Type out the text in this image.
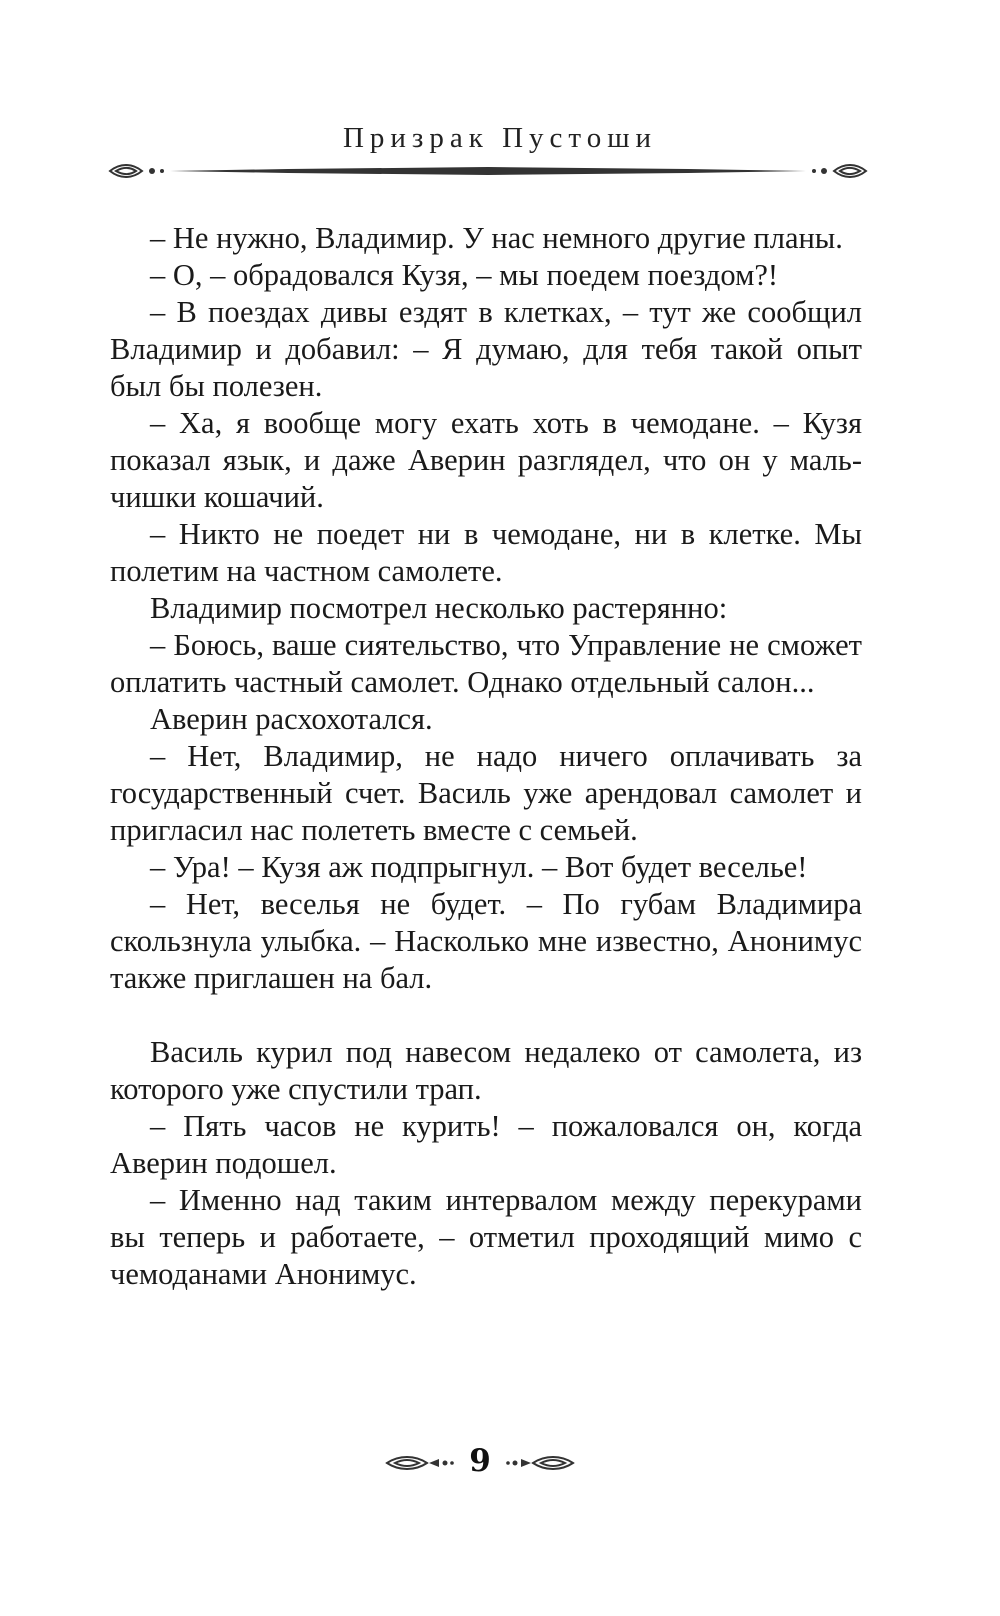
Призрак Пустоши

– Не нужно, Владимир. У нас немного другие планы.

– О, – обрадовался Кузя, – мы поедем поездом?!

– В поездах дивы ездят в клетках, – тут же сообщил Владимир и добавил: – Я думаю, для тебя такой опыт был бы полезен.

– Ха, я вообще могу ехать хоть в чемодане. – Кузя показал язык, и даже Аверин разглядел, что он у мальчишки кошачий.

– Никто не поедет ни в чемодане, ни в клетке. Мы полетим на частном самолете.

Владимир посмотрел несколько растерянно:

– Боюсь, ваше сиятельство, что Управление не сможет оплатить частный самолет. Однако отдельный салон...

Аверин расхохотался.

– Нет, Владимир, не надо ничего оплачивать за государственный счет. Василь уже арендовал самолет и пригласил нас полететь вместе с семьей.

– Ура! – Кузя аж подпрыгнул. – Вот будет веселье!

– Нет, веселья не будет. – По губам Владимира скользнула улыбка. – Насколько мне известно, Анонимус также приглашен на бал.

Василь курил под навесом недалеко от самолета, из которого уже спустили трап.

– Пять часов не курить! – пожаловался он, когда Аверин подошел.

– Именно над таким интервалом между перекурами вы теперь и работаете, – отметил проходящий мимо с чемоданами Анонимус.

9
